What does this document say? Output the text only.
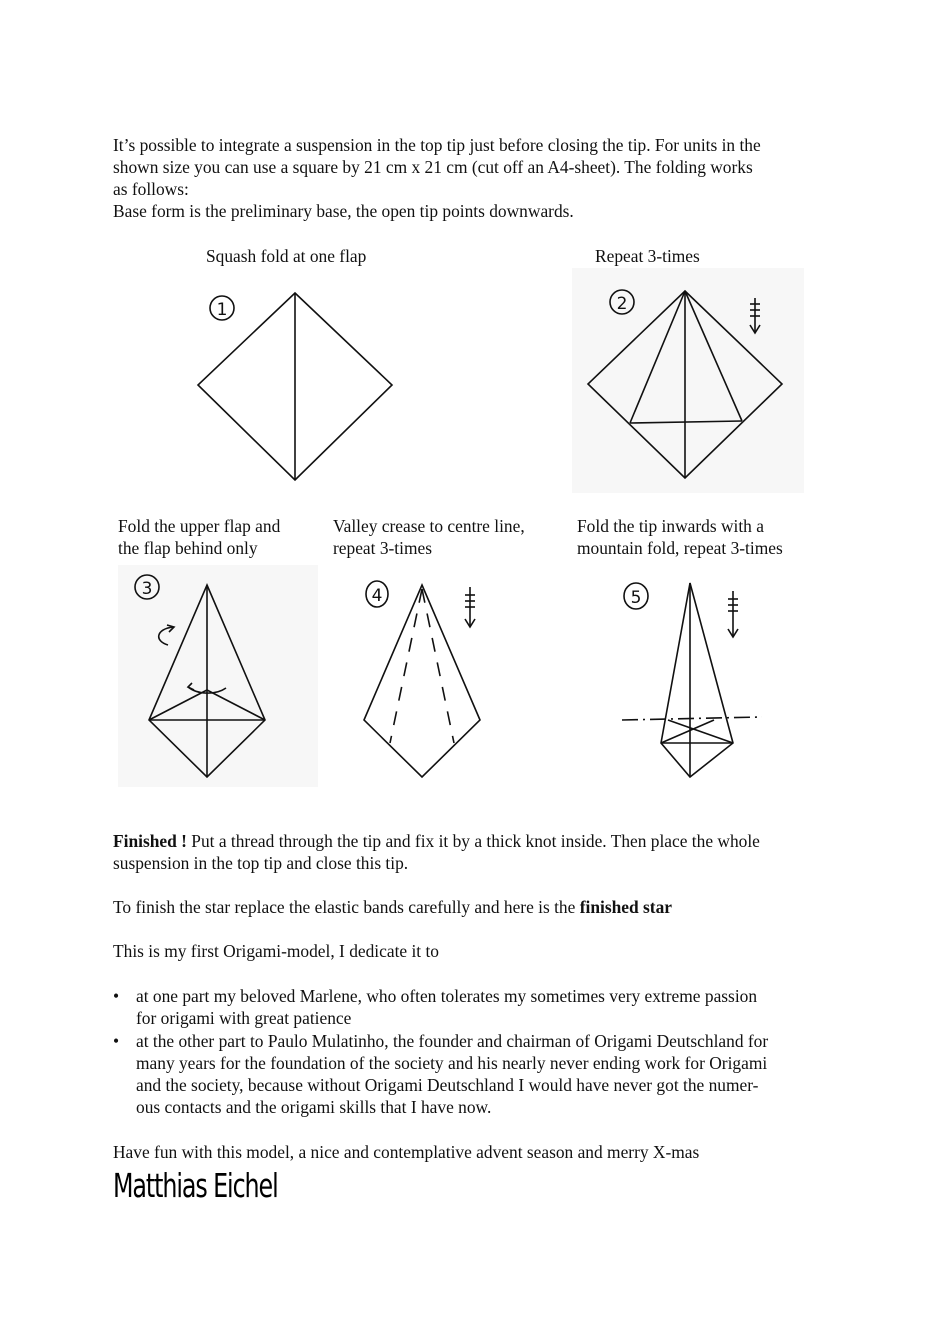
It’s possible to integrate a suspension in the top tip just before closing the tip. For units in the
shown size you can use a square by 21 cm x 21 cm (cut off an A4-sheet). The folding works
as follows:
Base form is the preliminary base, the open tip points downwards.

Squash fold at one flap	Repeat 3-times

1	2

Fold the upper flap and
the flap behind only

Valley crease to centre line,
repeat 3-times

Fold the tip inwards with a
mountain fold, repeat 3-times

3	4	5

Finished ! Put a thread through the tip and fix it by a thick knot inside. Then place the whole
suspension in the top tip and close this tip.

To finish the star replace the elastic bands carefully and here is the finished star

This is my first Origami-model, I dedicate it to

• at one part my beloved Marlene, who often tolerates my sometimes very extreme passion
for origami with great patience
• at the other part to Paulo Mulatinho, the founder and chairman of Origami Deutschland for
many years for the foundation of the society and his nearly never ending work for Origami
and the society, because without Origami Deutschland I would have never got the numer-
ous contacts and the origami skills that I have now.

Have fun with this model, a nice and contemplative advent season and merry X-mas

Matthias Eichel
